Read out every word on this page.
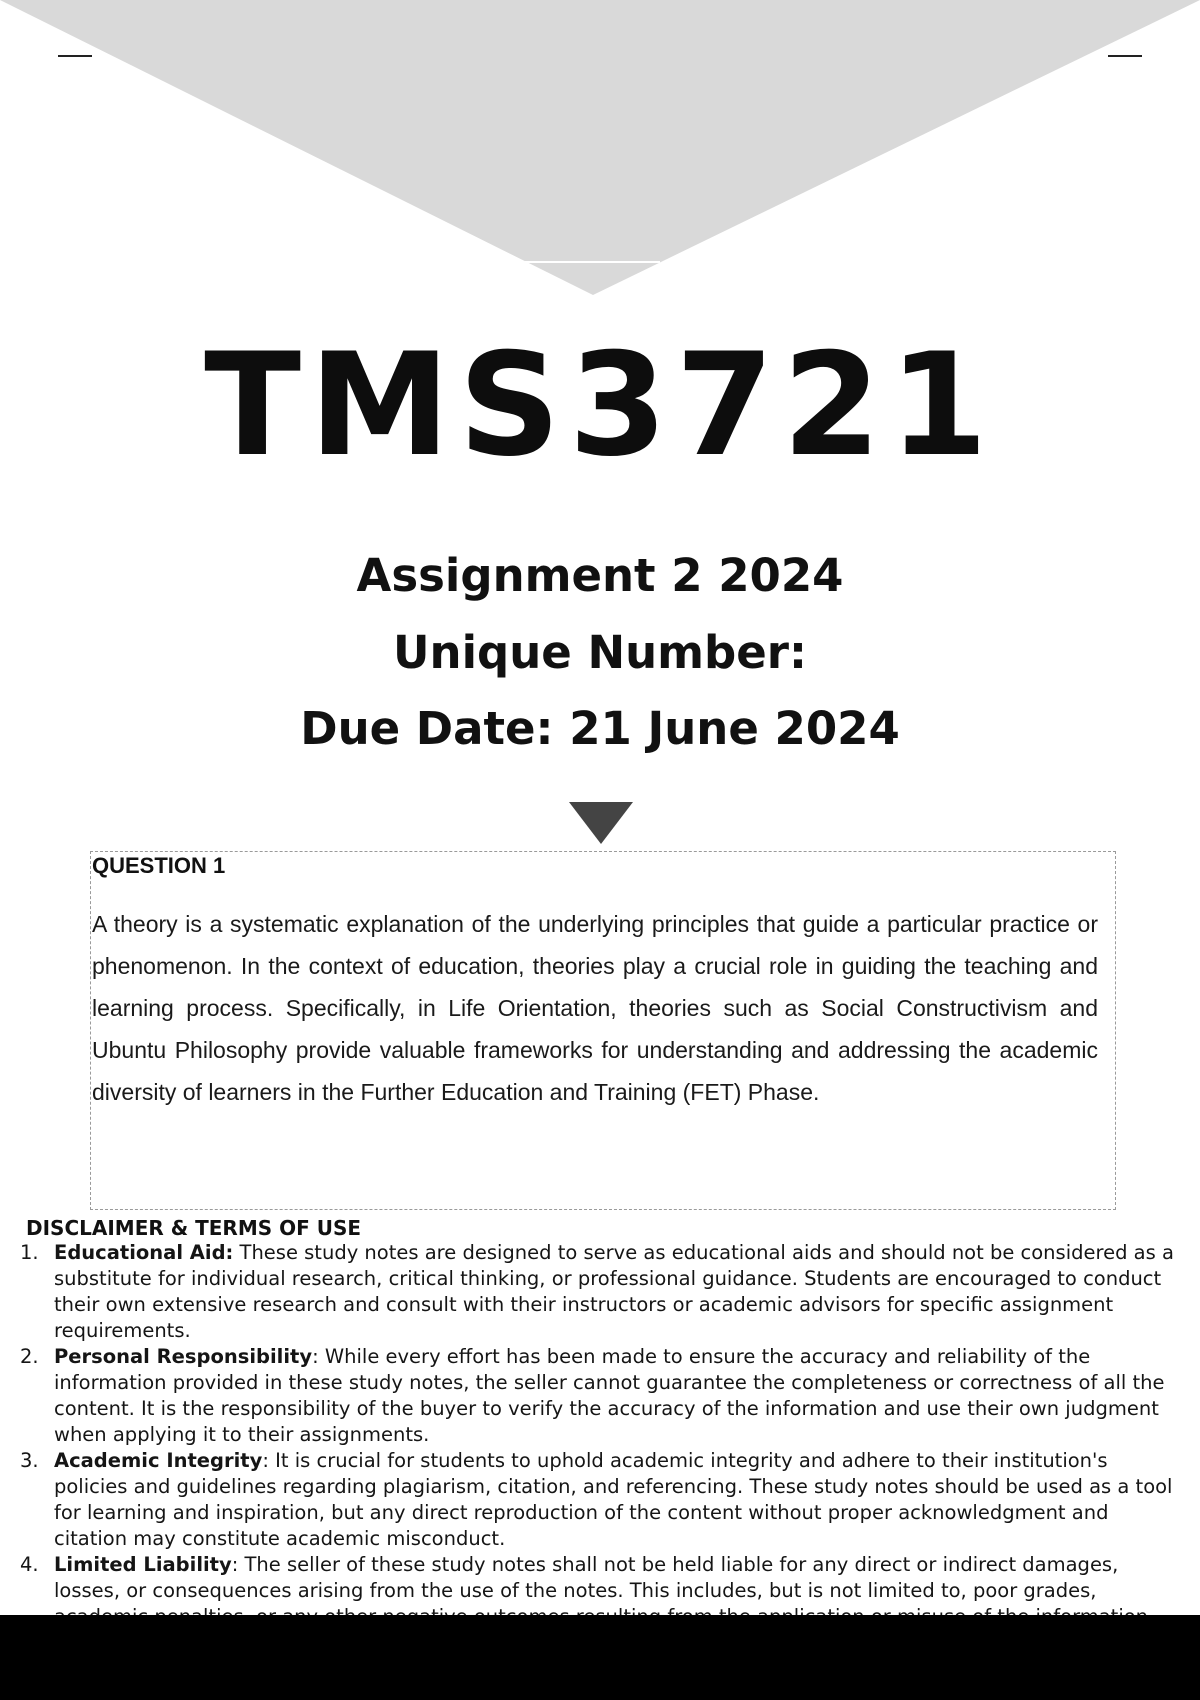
TMS3721
Assignment 2 2024
Unique Number:
Due Date: 21 June 2024
QUESTION 1
A theory is a systematic explanation of the underlying principles that guide a particular practice or phenomenon. In the context of education, theories play a crucial role in guiding the teaching and learning process. Specifically, in Life Orientation, theories such as Social Constructivism and Ubuntu Philosophy provide valuable frameworks for understanding and addressing the academic diversity of learners in the Further Education and Training (FET) Phase.
DISCLAIMER & TERMS OF USE
1. Educational Aid: These study notes are designed to serve as educational aids and should not be considered as a substitute for individual research, critical thinking, or professional guidance. Students are encouraged to conduct their own extensive research and consult with their instructors or academic advisors for specific assignment requirements.
2. Personal Responsibility: While every effort has been made to ensure the accuracy and reliability of the information provided in these study notes, the seller cannot guarantee the completeness or correctness of all the content. It is the responsibility of the buyer to verify the accuracy of the information and use their own judgment when applying it to their assignments.
3. Academic Integrity: It is crucial for students to uphold academic integrity and adhere to their institution's policies and guidelines regarding plagiarism, citation, and referencing. These study notes should be used as a tool for learning and inspiration, but any direct reproduction of the content without proper acknowledgment and citation may constitute academic misconduct.
4. Limited Liability: The seller of these study notes shall not be held liable for any direct or indirect damages, losses, or consequences arising from the use of the notes. This includes, but is not limited to, poor grades,
